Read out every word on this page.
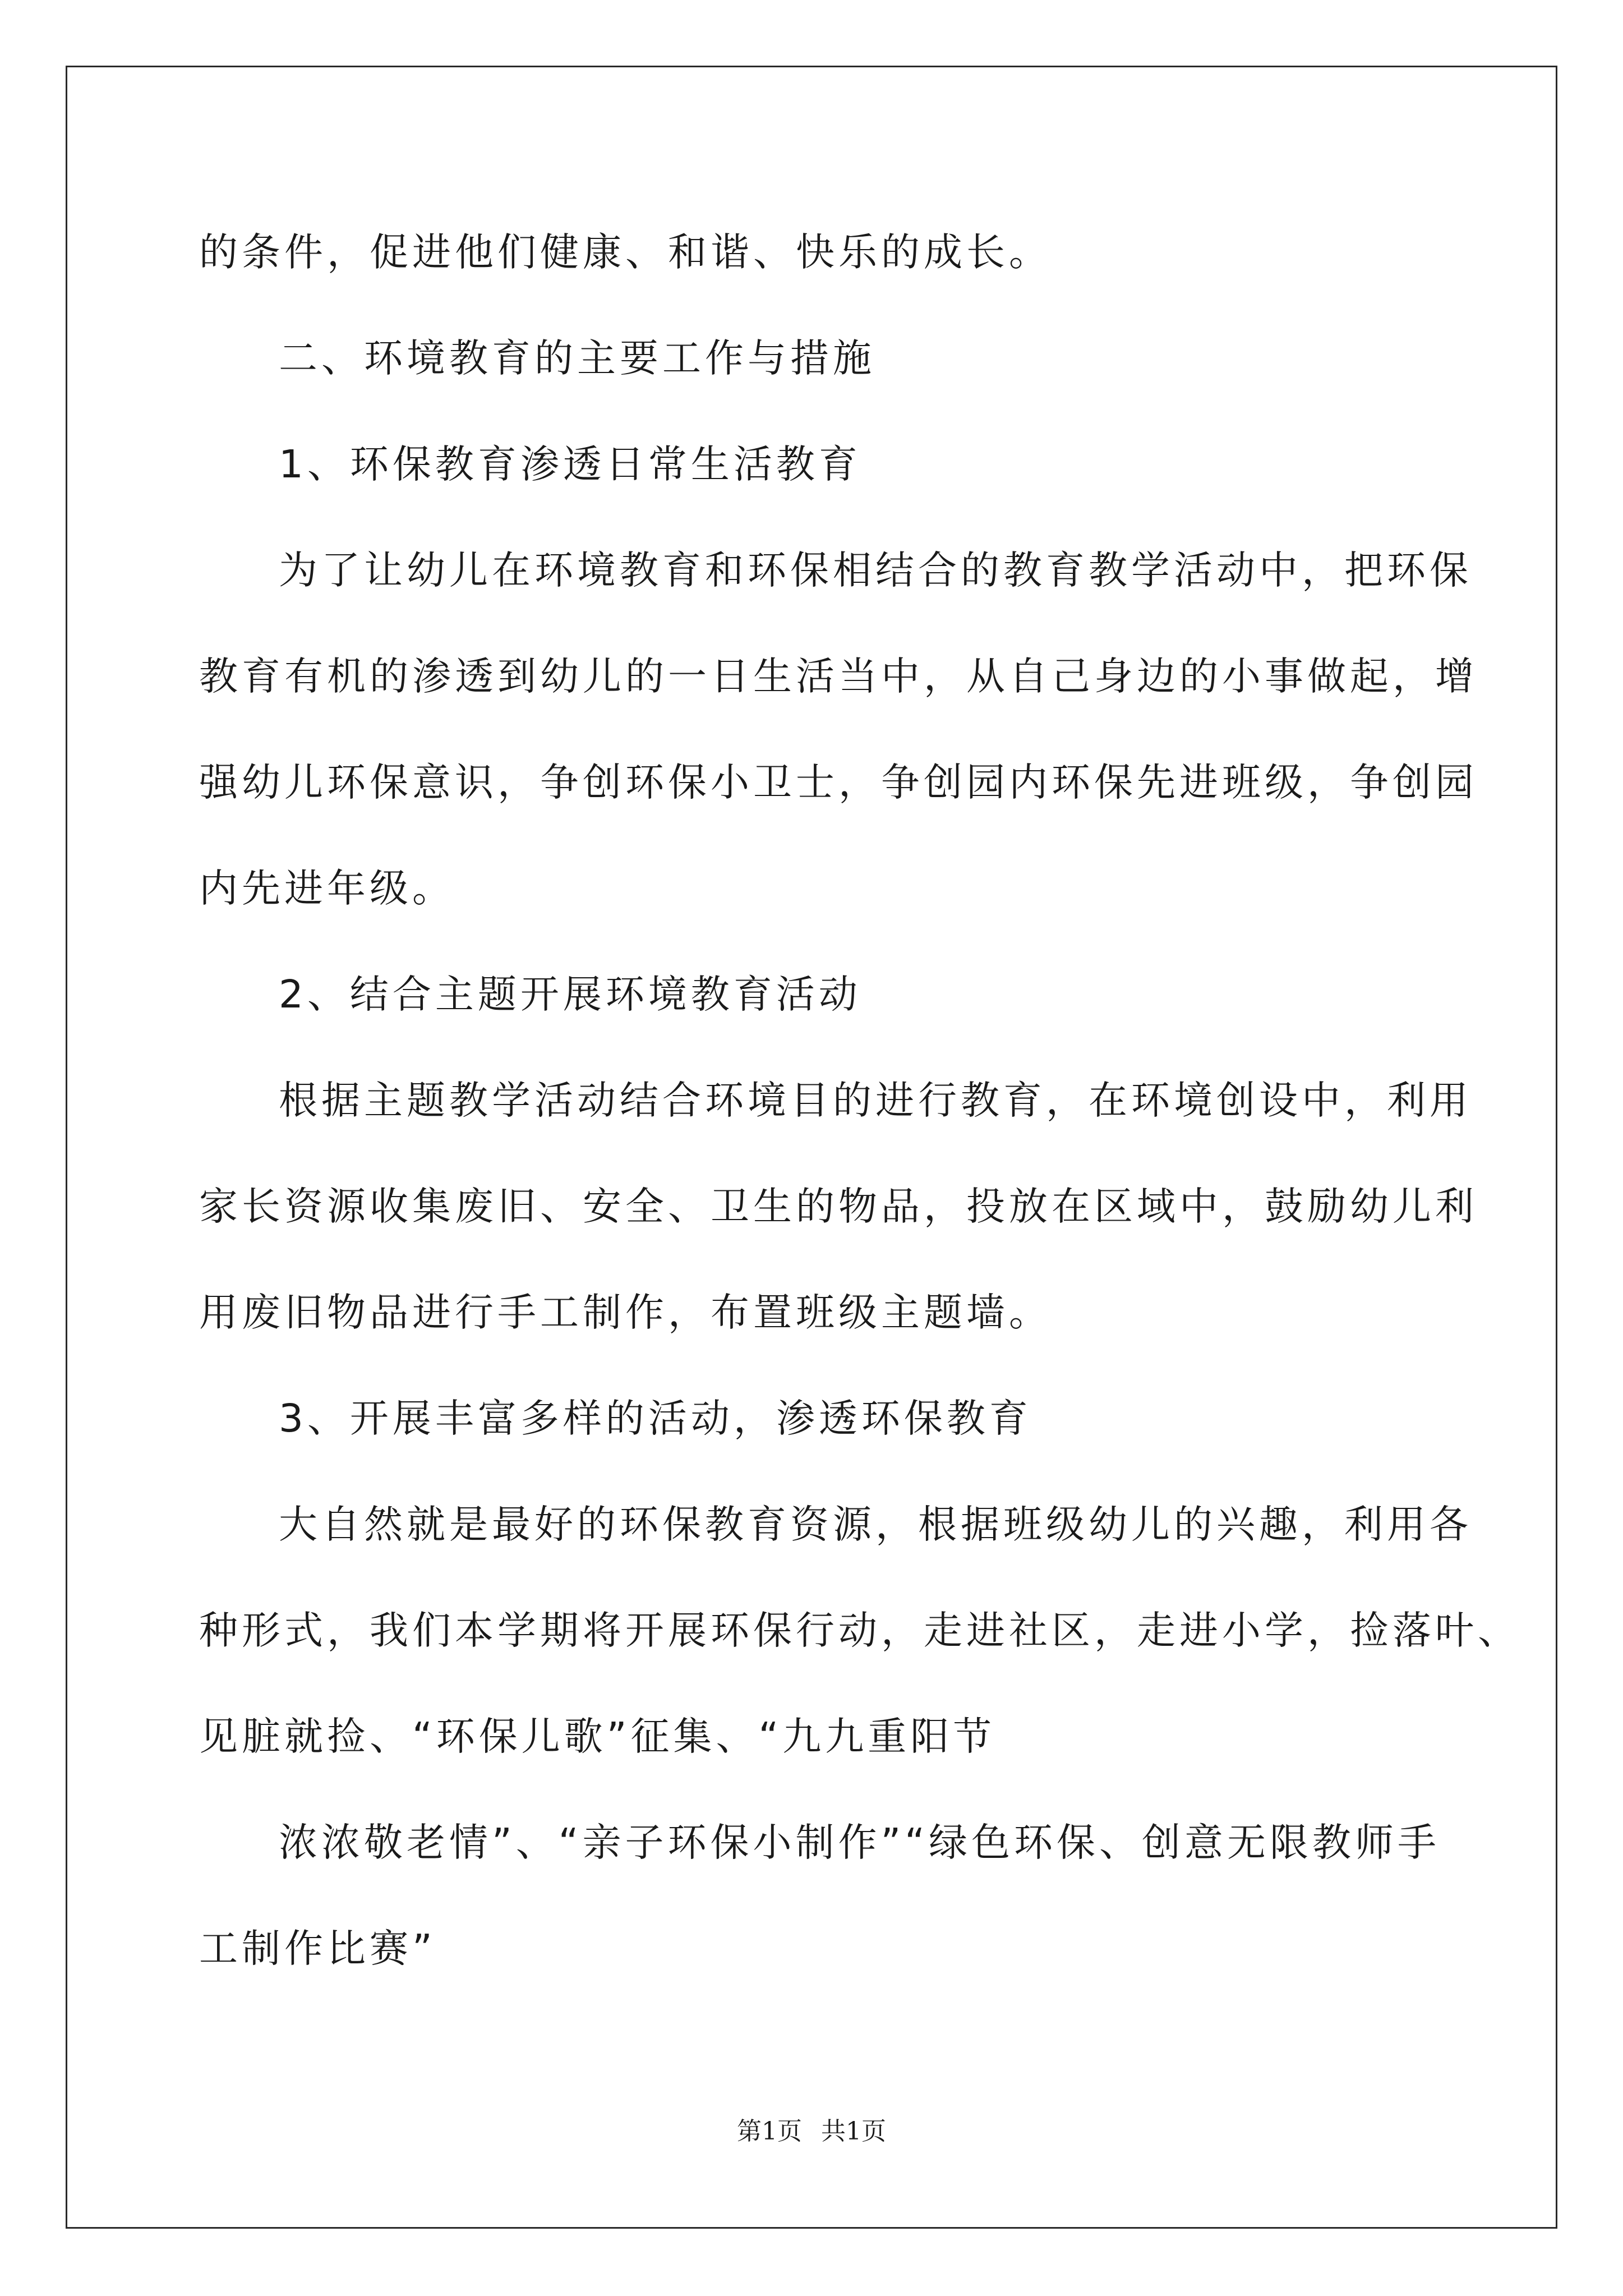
的条件，促进他们健康、和谐、快乐的成长。
二、环境教育的主要工作与措施
1、环保教育渗透日常生活教育
为了让幼儿在环境教育和环保相结合的教育教学活动中，把环保
教育有机的渗透到幼儿的一日生活当中，从自己身边的小事做起，增
强幼儿环保意识，争创环保小卫士，争创园内环保先进班级，争创园
内先进年级。
2、结合主题开展环境教育活动
根据主题教学活动结合环境目的进行教育，在环境创设中，利用
家长资源收集废旧、安全、卫生的物品，投放在区域中，鼓励幼儿利
用废旧物品进行手工制作，布置班级主题墙。
3、开展丰富多样的活动，渗透环保教育
大自然就是最好的环保教育资源，根据班级幼儿的兴趣，利用各
种形式，我们本学期将开展环保行动，走进社区，走进小学，捡落叶、
见脏就捡、“环保儿歌”征集、“九九重阳节
浓浓敬老情”、“亲子环保小制作”“绿色环保、创意无限教师手
工制作比赛”
第1页 共1页
